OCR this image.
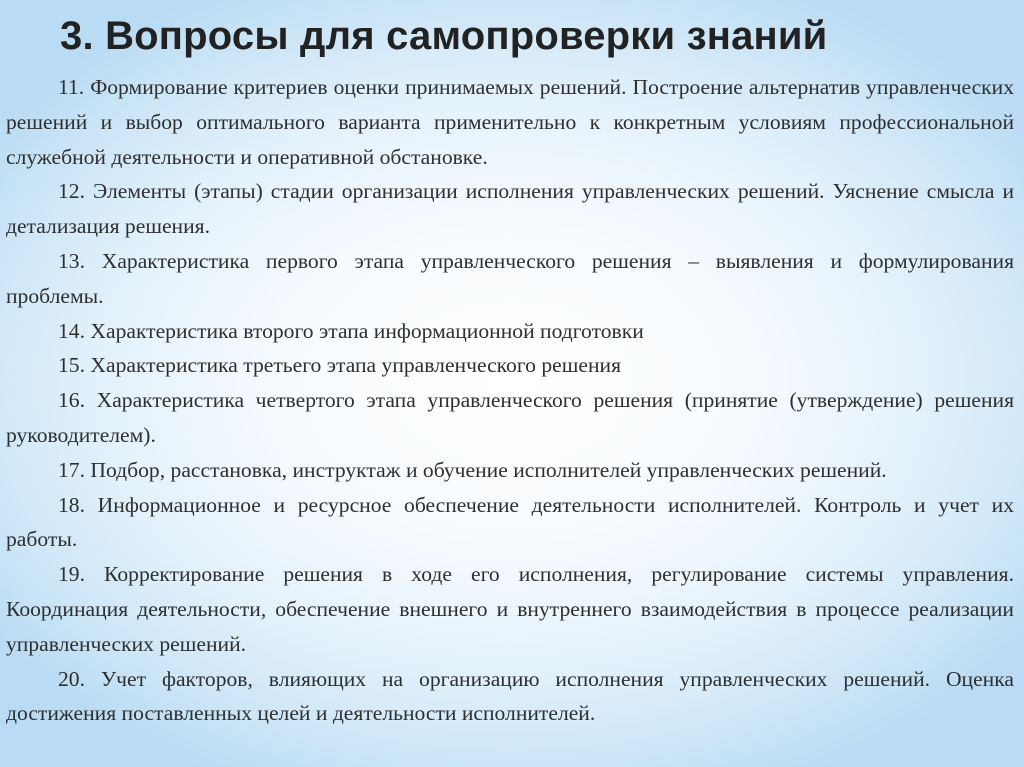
3. Вопросы для самопроверки знаний

11. Формирование критериев оценки принимаемых решений. Построение альтернатив управленческих решений и выбор оптимального варианта применительно к конкретным условиям профессиональной служебной деятельности и оперативной обстановке.

12. Элементы (этапы) стадии организации исполнения управленческих решений. Уяснение смысла и детализация решения.

13. Характеристика первого этапа управленческого решения – выявления и формулирования проблемы.

14. Характеристика второго этапа информационной подготовки

15. Характеристика третьего этапа управленческого решения

16. Характеристика четвертого этапа управленческого решения (принятие (утверждение) решения руководителем).

17. Подбор, расстановка, инструктаж и обучение исполнителей управленческих решений.

18. Информационное и ресурсное обеспечение деятельности исполнителей. Контроль и учет их работы.

19. Корректирование решения в ходе его исполнения, регулирование системы управления. Координация деятельности, обеспечение внешнего и внутреннего взаимодействия в процессе реализации управленческих решений.

20. Учет факторов, влияющих на организацию исполнения управленческих решений. Оценка достижения поставленных целей и деятельности исполнителей.
